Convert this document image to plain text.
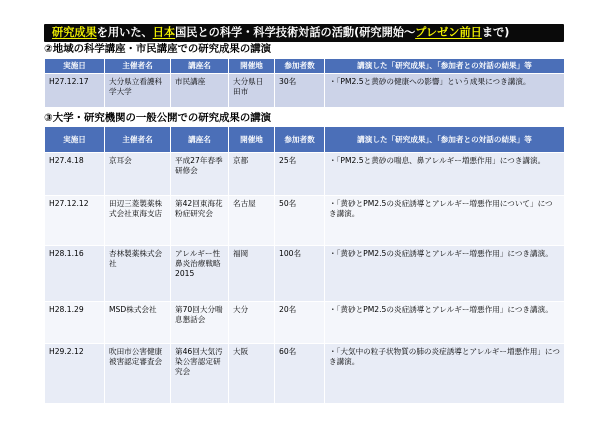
研究成果を用いた、日本国民との科学・科学技術対話の活動(研究開始～プレゼン前日まで)
②地域の科学講座・市民講座での研究成果の講演
実施日	主催者名	講座名	開催地	参加者数	講演した「研究成果」、「参加者との対話の結果」等
H27.12.17	大分県立看護科学大学	市民講座	大分県日田市	30名	・「PM2.5と黄砂の健康への影響」という成果につき講演。
③大学・研究機関の一般公開での研究成果の講演
実施日	主催者名	講座名	開催地	参加者数	講演した「研究成果」、「参加者との対話の結果」等
H27.4.18	京耳会	平成27年春季研修会	京都	25名	・「PM2.5と黄砂の喘息、鼻アレルギー増悪作用」につき講演。
H27.12.12	田辺三菱製薬株式会社東海支店	第42回東海花粉症研究会	名古屋	50名	・「黄砂とPM2.5の炎症誘導とアレルギー増悪作用について」につき講演。
H28.1.16	杏林製薬株式会社	アレルギー性鼻炎治療戦略2015	福岡	100名	・「黄砂とPM2.5の炎症誘導とアレルギー増悪作用」につき講演。
H28.1.29	MSD株式会社	第70回大分喘息懇話会	大分	20名	・「黄砂とPM2.5の炎症誘導とアレルギー増悪作用」につき講演。
H29.2.12	吹田市公害健康被害認定審査会	第46回大気汚染公害認定研究会	大阪	60名	・「大気中の粒子状物質の肺の炎症誘導とアレルギー増悪作用」につき講演。
